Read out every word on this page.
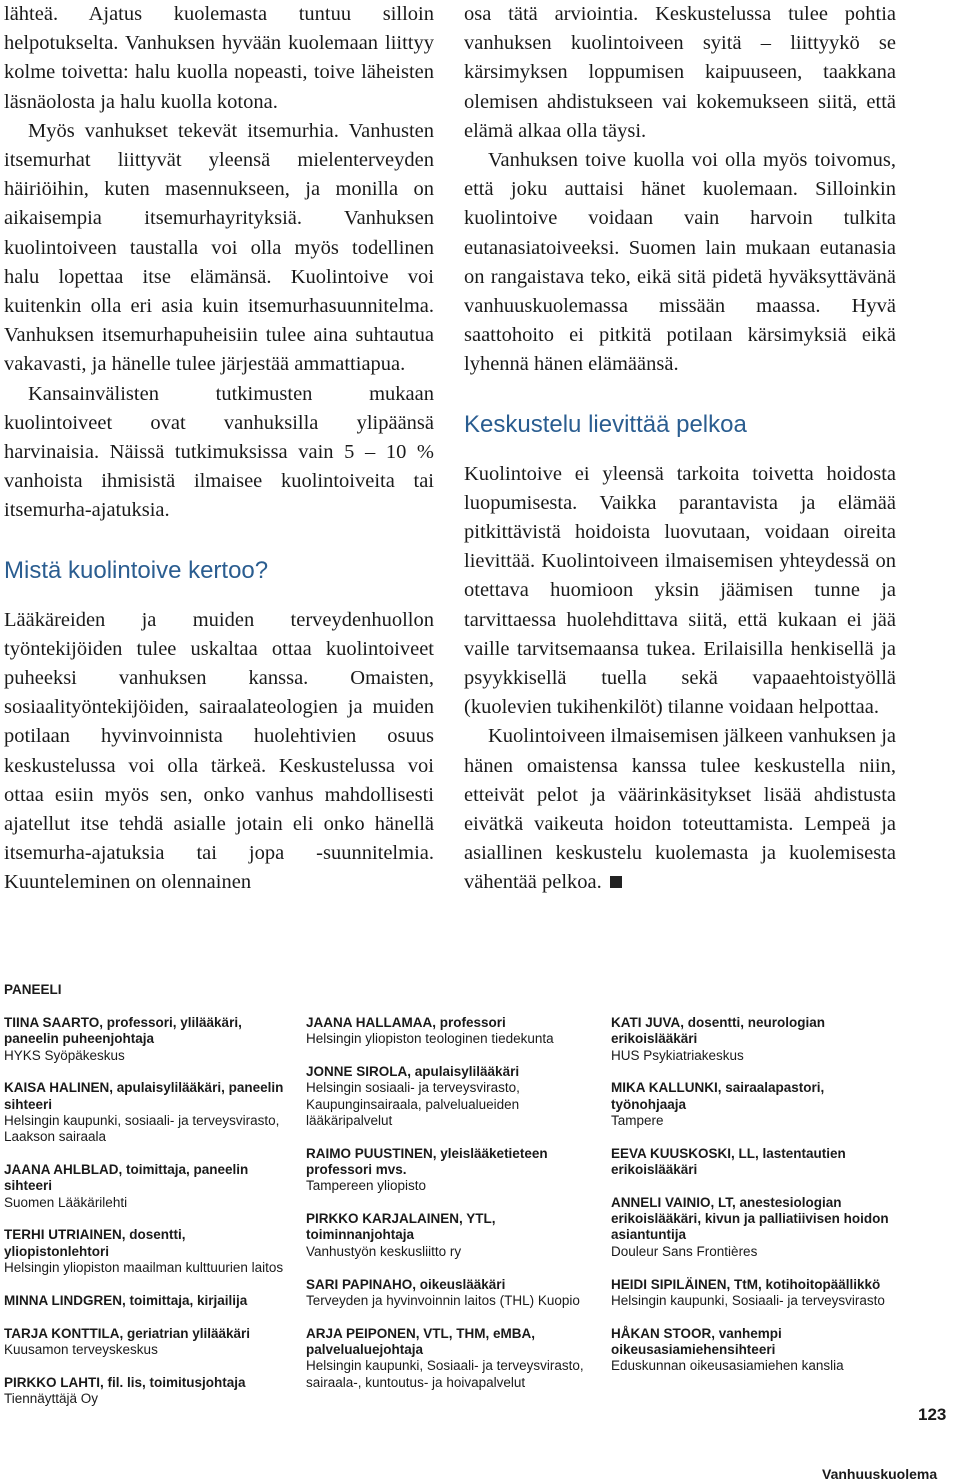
lähteä. Ajatus kuolemasta tuntuu silloin helpotukselta. Vanhuksen hyvään kuolemaan liittyy kolme toivetta: halu kuolla nopeasti, toive läheisten läsnäolosta ja halu kuolla kotona.

Myös vanhukset tekevät itsemurhia. Vanhusten itsemurhat liittyvät yleensä mielenterveyden häiriöihin, kuten masennukseen, ja monilla on aikaisempia itsemurhayrityksiä. Vanhuksen kuolintoiveen taustalla voi olla myös todellinen halu lopettaa itse elämänsä. Kuolintoive voi kuitenkin olla eri asia kuin itsemurhasuunnitelma. Vanhuksen itsemurhapuheisiin tulee aina suhtautua vakavasti, ja hänelle tulee järjestää ammattiapua.

Kansainvälisten tutkimusten mukaan kuolintoiveet ovat vanhuksilla ylipäänsä harvinaisia. Näissä tutkimuksissa vain 5 – 10 % vanhoista ihmisistä ilmaisee kuolintoiveita tai itsemurha-ajatuksia.

Mistä kuolintoive kertoo?

Lääkäreiden ja muiden terveydenhuollon työntekijöiden tulee uskaltaa ottaa kuolintoiveet puheeksi vanhuksen kanssa. Omaisten, sosiaalityöntekijöiden, sairaalateologien ja muiden potilaan hyvinvoinnista huolehtivien osuus keskustelussa voi olla tärkeä. Keskustelussa voi ottaa esiin myös sen, onko vanhus mahdollisesti ajatellut itse tehdä asialle jotain eli onko hänellä itsemurha-ajatuksia tai jopa -suunnitelmia. Kuunteleminen on olennainen

osa tätä arviointia. Keskustelussa tulee pohtia vanhuksen kuolintoiveen syitä – liittyykö se kärsimyksen loppumisen kaipuuseen, taakkana olemisen ahdistukseen vai kokemukseen siitä, että elämä alkaa olla täysi.

Vanhuksen toive kuolla voi olla myös toivomus, että joku auttaisi hänet kuolemaan. Silloinkin kuolintoive voidaan vain harvoin tulkita eutanasiatoiveeksi. Suomen lain mukaan eutanasia on rangaistava teko, eikä sitä pidetä hyväksyttävänä vanhuuskuolemassa missään maassa. Hyvä saattohoito ei pitkitä potilaan kärsimyksiä eikä lyhennä hänen elämäänsä.

Keskustelu lievittää pelkoa

Kuolintoive ei yleensä tarkoita toivetta hoidosta luopumisesta. Vaikka parantavista ja elämää pitkittävistä hoidoista luovutaan, voidaan oireita lievittää. Kuolintoiveen ilmaisemisen yhteydessä on otettava huomioon yksin jäämisen tunne ja tarvittaessa huolehdittava siitä, että kukaan ei jää vaille tarvitsemaansa tukea. Erilaisilla henkisellä ja psyykkisellä tuella sekä vapaaehtoistyöllä (kuolevien tukihenkilöt) tilanne voidaan helpottaa.

Kuolintoiveen ilmaisemisen jälkeen vanhuksen ja hänen omaistensa kanssa tulee keskustella niin, etteivät pelot ja väärinkäsitykset lisää ahdistusta eivätkä vaikeuta hoidon toteuttamista. Lempeä ja asiallinen keskustelu kuolemasta ja kuolemisesta vähentää pelkoa.

PANEELI
TIINA SAARTO, professori, ylilääkäri, paneelin puheenjohtaja
HYKS Syöpäkeskus
KAISA HALINEN, apulaisylilääkäri, paneelin sihteeri
Helsingin kaupunki, sosiaali- ja terveysvirasto, Laakson sairaala
JAANA AHLBLAD, toimittaja, paneelin sihteeri
Suomen Lääkärilehti
TERHI UTRIAINEN, dosentti, yliopistonlehtori
Helsingin yliopiston maailman kulttuurien laitos
MINNA LINDGREN, toimittaja, kirjailija
TARJA KONTTILA, geriatrian ylilääkäri
Kuusamon terveyskeskus
PIRKKO LAHTI, fil. lis, toimitusjohtaja
Tiennäyttäjä Oy
JAANA HALLAMAA, professori
Helsingin yliopiston teologinen tiedekunta
JONNE SIROLA, apulaisylilääkäri
Helsingin sosiaali- ja terveysvirasto, Kaupunginsairaala, palvelualueiden lääkäripalvelut
RAIMO PUUSTINEN, yleislääketieteen professori mvs.
Tampereen yliopisto
PIRKKO KARJALAINEN, YTL, toiminnanjohtaja
Vanhustyön keskusliitto ry
SARI PAPINAHO, oikeuslääkäri
Terveyden ja hyvinvoinnin laitos (THL) Kuopio
ARJA PEIPONEN, VTL, THM, eMBA, palvelualuejohtaja
Helsingin kaupunki, Sosiaali- ja terveysvirasto, sairaala-, kuntoutus- ja hoivapalvelut
KATI JUVA, dosentti, neurologian erikoislääkäri
HUS Psykiatriakeskus
MIKA KALLUNKI, sairaalapastori, työnohjaaja
Tampere
EEVA KUUSKOSKI, LL, lastentautien erikoislääkäri
ANNELI VAINIO, LT, anestesiologian erikoislääkäri, kivun ja palliatiivisen hoidon asiantuntija
Douleur Sans Frontières
HEIDI SIPILÄINEN, TtM, kotihoitopäällikkö
Helsingin kaupunki, Sosiaali- ja terveysvirasto
HÅKAN STOOR, vanhempi oikeusasiamiehensihteeri
Eduskunnan oikeusasiamiehen kanslia
123
Vanhuuskuolema
